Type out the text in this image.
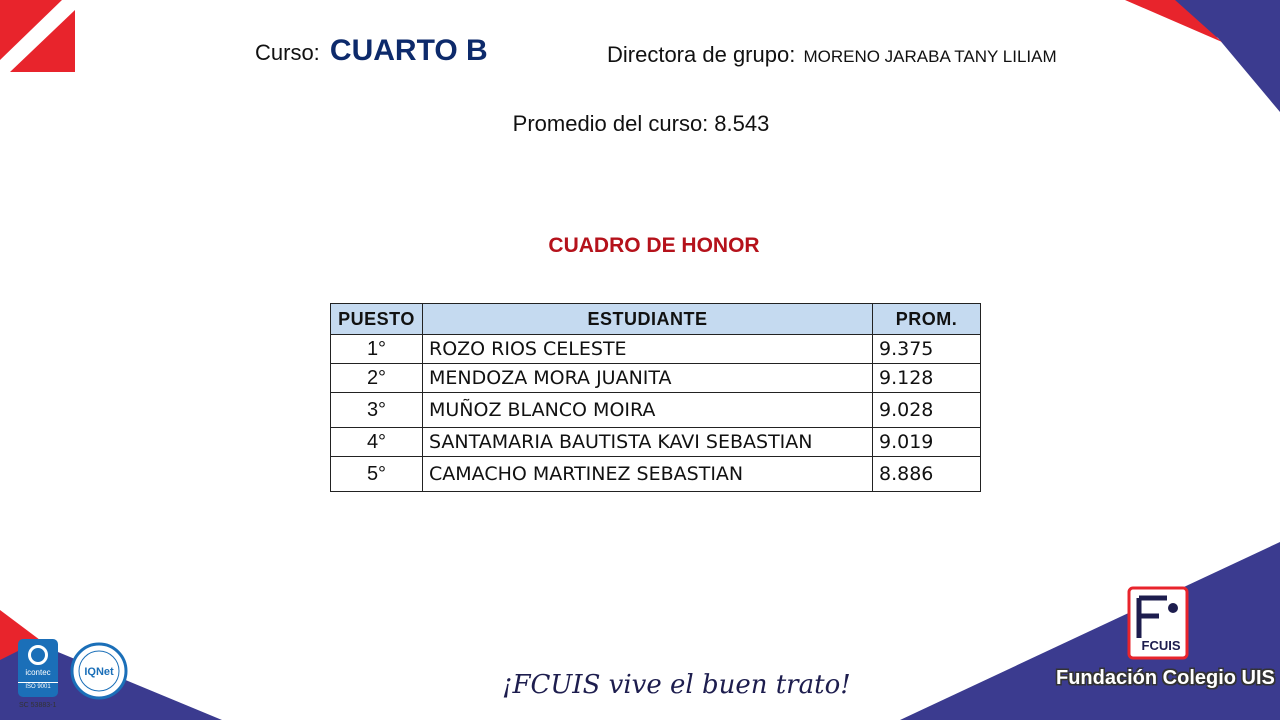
Curso: CUARTO B	Directora de grupo: MORENO JARABA TANY LILIAM
Promedio del curso: 8.543
CUADRO DE HONOR
PUESTO	ESTUDIANTE	PROM.
1°	ROZO RIOS CELESTE	9.375
2°	MENDOZA MORA JUANITA	9.128
3°	MUÑOZ BLANCO MOIRA	9.028
4°	SANTAMARIA BAUTISTA KAVI SEBASTIAN	9.019
5°	CAMACHO MARTINEZ SEBASTIAN	8.886
icontec
ISO 9001
IQNet
SC 53883-1
¡FCUIS vive el buen trato!
FCUIS
Fundación Colegio UIS
